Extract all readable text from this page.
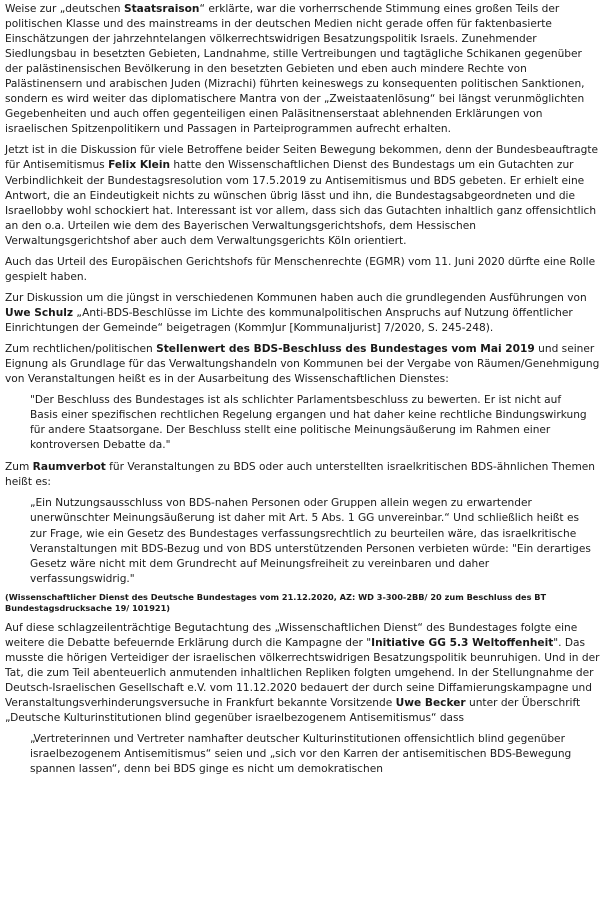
Weise zur „deutschen Staatsraison“ erklärte, war die vorherrschende Stimmung eines großen Teils der politischen Klasse und des mainstreams in der deutschen Medien nicht gerade offen für faktenbasierte Einschätzungen der jahrzehntelangen völkerrechtswidrigen Besatzungspolitik Israels. Zunehmender Siedlungsbau in besetzten Gebieten, Landnahme, stille Vertreibungen und tagtägliche Schikanen gegenüber der palästinensischen Bevölkerung in den besetzten Gebieten und eben auch mindere Rechte von Palästinensern und arabischen Juden (Mizrachi) führten keineswegs zu konsequenten politischen Sanktionen, sondern es wird weiter das diplomatischere Mantra von der „Zweistaatenlösung“ bei längst verunmöglichten Gegebenheiten und auch offen gegenteiligen einen Paläsitnenserstaat ablehnenden Erklärungen von israelischen Spitzenpolitikern und Passagen in Parteiprogrammen aufrecht erhalten.

Jetzt ist in die Diskussion für viele Betroffene beider Seiten Bewegung bekommen, denn der Bundesbeauftragte für Antisemitismus Felix Klein hatte den Wissenschaftlichen Dienst des Bundestags um ein Gutachten zur Verbindlichkeit der Bundestagsresolution vom 17.5.2019 zu Antisemitismus und BDS gebeten. Er erhielt eine Antwort, die an Eindeutigkeit nichts zu wünschen übrig lässt und ihn, die Bundestagsabgeordneten und die Israellobby wohl schockiert hat. Interessant ist vor allem, dass sich das Gutachten inhaltlich ganz offensichtlich an den o.a. Urteilen wie dem des Bayerischen Verwaltungsgerichtshofs, dem Hessischen Verwaltungsgerichtshof aber auch dem Verwaltungsgerichts Köln orientiert.

Auch das Urteil des Europäischen Gerichtshofs für Menschenrechte (EGMR) vom 11. Juni 2020 dürfte eine Rolle gespielt haben.

Zur Diskussion um die jüngst in verschiedenen Kommunen haben auch die grundlegenden Ausführungen von Uwe Schulz „Anti-BDS-Beschlüsse im Lichte des kommunalpolitischen Anspruchs auf Nutzung öffentlicher Einrichtungen der Gemeinde“ beigetragen (KommJur [Kommunaljurist] 7/2020, S. 245-248).

Zum rechtlichen/politischen Stellenwert des BDS-Beschluss des Bundestages vom Mai 2019 und seiner Eignung als Grundlage für das Verwaltungshandeln von Kommunen bei der Vergabe von Räumen/Genehmigung von Veranstaltungen heißt es in der Ausarbeitung des Wissenschaftlichen Dienstes:

"Der Beschluss des Bundestages ist als schlichter Parlamentsbeschluss zu bewerten. Er ist nicht auf Basis einer spezifischen rechtlichen Regelung ergangen und hat daher keine rechtliche Bindungswirkung für andere Staatsorgane. Der Beschluss stellt eine politische Meinungsäußerung im Rahmen einer kontroversen Debatte da."

Zum Raumverbot für Veranstaltungen zu BDS oder auch unterstellten israelkritischen BDS-ähnlichen Themen heißt es:

„Ein Nutzungsausschluss von BDS-nahen Personen oder Gruppen allein wegen zu erwartender unerwünschter Meinungsäußerung ist daher mit Art. 5 Abs. 1 GG unvereinbar.“ Und schließlich heißt es zur Frage, wie ein Gesetz des Bundestages verfassungsrechtlich zu beurteilen wäre, das israelkritische Veranstaltungen mit BDS-Bezug und von BDS unterstützenden Personen verbieten würde: "Ein derartiges Gesetz wäre nicht mit dem Grundrecht auf Meinungsfreiheit zu vereinbaren und daher verfassungswidrig."

(Wissenschaftlicher Dienst des Deutsche Bundestages vom 21.12.2020, AZ: WD 3-300-2BB/ 20 zum Beschluss des BT Bundestagsdrucksache 19/ 101921)

Auf diese schlagzeilenträchtige Begutachtung des „Wissenschaftlichen Dienst“ des Bundestages folgte eine weitere die Debatte befeuernde Erklärung durch die Kampagne der "Initiative GG 5.3 Weltoffenheit". Das musste die hörigen Verteidiger der israelischen völkerrechtswidrigen Besatzungspolitik beunruhigen. Und in der Tat, die zum Teil abenteuerlich anmutenden inhaltlichen Repliken folgten umgehend. In der Stellungnahme der Deutsch-Israelischen Gesellschaft e.V. vom 11.12.2020 bedauert der durch seine Diffamierungskampagne und Veranstaltungsverhinderungsversuche in Frankfurt bekannte Vorsitzende Uwe Becker unter der Überschrift „Deutsche Kulturinstitutionen blind gegenüber israelbezogenem Antisemitismus“ dass

„Vertreterinnen und Vertreter namhafter deutscher Kulturinstitutionen offensichtlich blind gegenüber israelbezogenem Antisemitismus“ seien und „sich vor den Karren der antisemitischen BDS-Bewegung spannen lassen“, denn bei BDS ginge es nicht um demokratischen
